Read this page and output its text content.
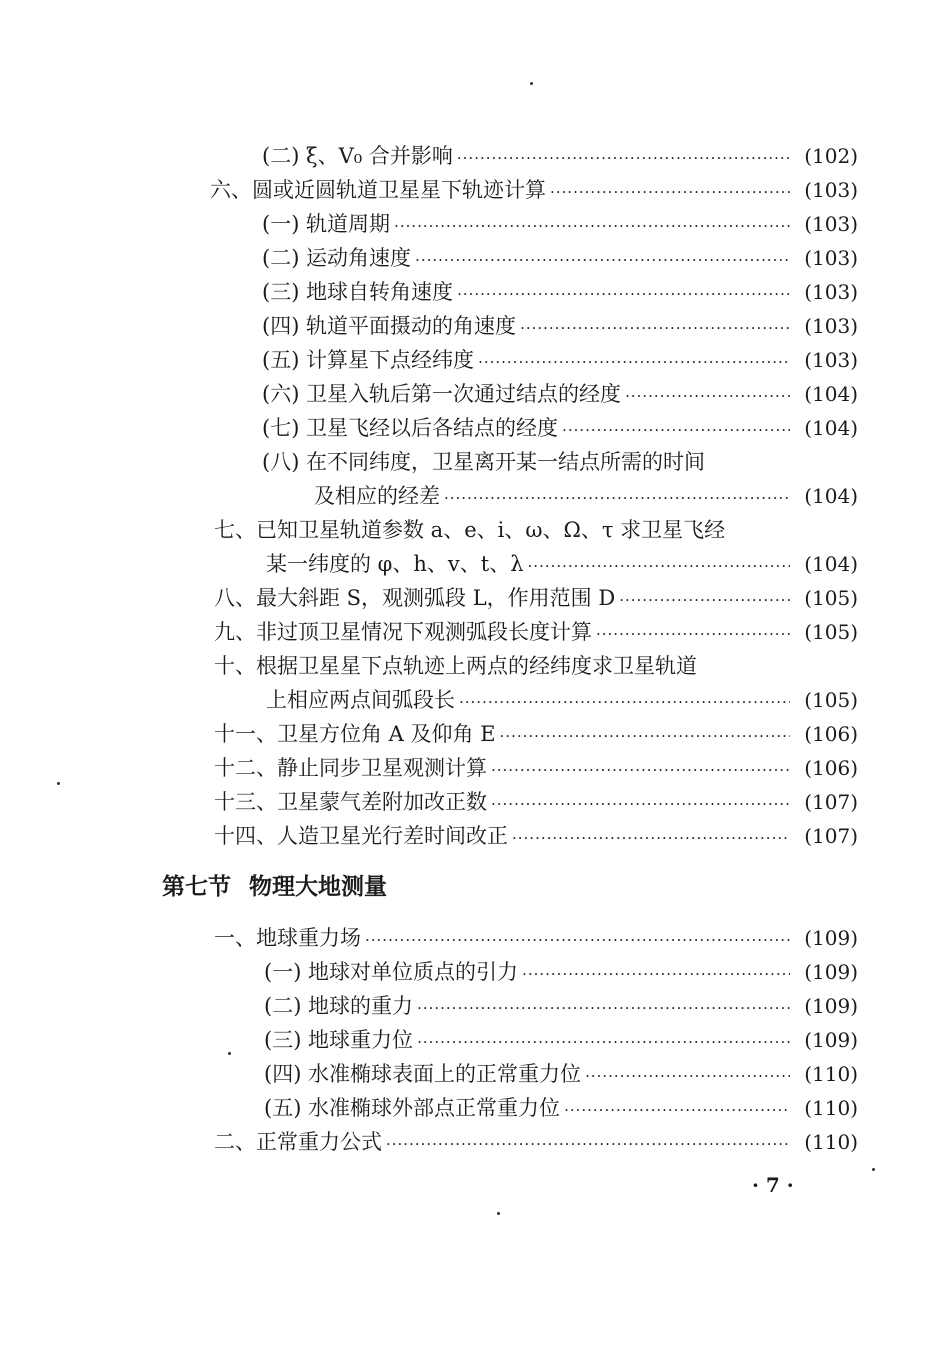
(二) ξ、V₀ 合并影响 ·····	(102)
六、圆或近圆轨道卫星星下轨迹计算 ·····	(103)
(一) 轨道周期 ·····	(103)
(二) 运动角速度 ·····	(103)
(三) 地球自转角速度 ·····	(103)
(四) 轨道平面摄动的角速度 ·····	(103)
(五) 计算星下点经纬度 ·····	(103)
(六) 卫星入轨后第一次通过结点的经度 ·····	(104)
(七) 卫星飞经以后各结点的经度 ·····	(104)
(八) 在不同纬度，卫星离开某一结点所需的时间
及相应的经差 ·····	(104)
七、已知卫星轨道参数 a、e、i、ω、Ω、τ 求卫星飞经
某一纬度的 φ、h、v、t、λ ·····	(104)
八、最大斜距 S，观测弧段 L，作用范围 D ·····	(105)
九、非过顶卫星情况下观测弧段长度计算 ·····	(105)
十、根据卫星星下点轨迹上两点的经纬度求卫星轨道
上相应两点间弧段长 ·····	(105)
十一、卫星方位角 A 及仰角 E ·····	(106)
十二、静止同步卫星观测计算 ·····	(106)
十三、卫星蒙气差附加改正数 ·····	(107)
十四、人造卫星光行差时间改正 ·····	(107)
第七节 物理大地测量
一、地球重力场 ·····	(109)
(一) 地球对单位质点的引力 ·····	(109)
(二) 地球的重力 ·····	(109)
(三) 地球重力位 ·····	(109)
(四) 水准椭球表面上的正常重力位 ·····	(110)
(五) 水准椭球外部点正常重力位 ·····	(110)
二、正常重力公式 ·····	(110)
· 7 ·
